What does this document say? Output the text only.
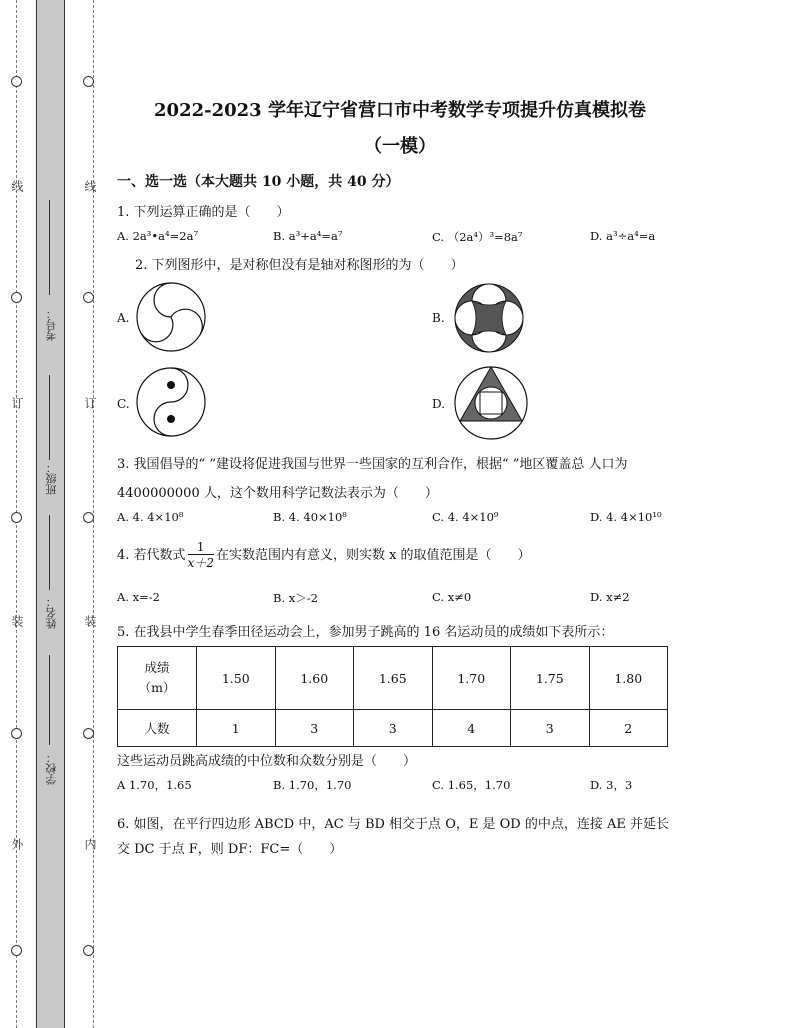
线
订
装
外
线
订
装
内
考号：
班级：
姓名：
学校：
2022-2023 学年辽宁省营口市中考数学专项提升仿真模拟卷
（一模）
一、选一选（本大题共 10 小题，共 40 分）
1. 下列运算正确的是（　　）
A. 2a³•a⁴=2a⁷	B. a³+a⁴=a⁷	C. （2a⁴）³=8a⁷	D. a³÷a⁴=a
2. 下列图形中，是对称但没有是轴对称图形的为（　　）
A.	B.
C.	D.
3. 我国倡导的“ ”建设将促进我国与世界一些国家的互利合作，根据“ ”地区覆盖总 人口为
4400000000 人，这个数用科学记数法表示为（　　）
A. 4. 4×10⁸	B. 4. 40×10⁸	C. 4. 4×10⁹	D. 4. 4×10¹⁰
4. 若代数式 $\frac{1}{x+2}$ 在实数范围内有意义，则实数 x 的取值范围是（　　）
A. x=-2	B. x＞-2	C. x≠0	D. x≠2
5. 在我县中学生春季田径运动会上，参加男子跳高的 16 名运动员的成绩如下表所示：
成绩
（m）	1.50	1.60	1.65	1.70	1.75	1.80
人数	1	3	3	4	3	2
这些运动员跳高成绩的中位数和众数分别是（　　）
A 1.70，1.65	B. 1.70，1.70	C. 1.65，1.70	D. 3，3
6. 如图，在平行四边形 ABCD 中，AC 与 BD 相交于点 O，E 是 OD 的中点，连接 AE 并延长
交 DC 于点 F，则 DF：FC=（　　）
